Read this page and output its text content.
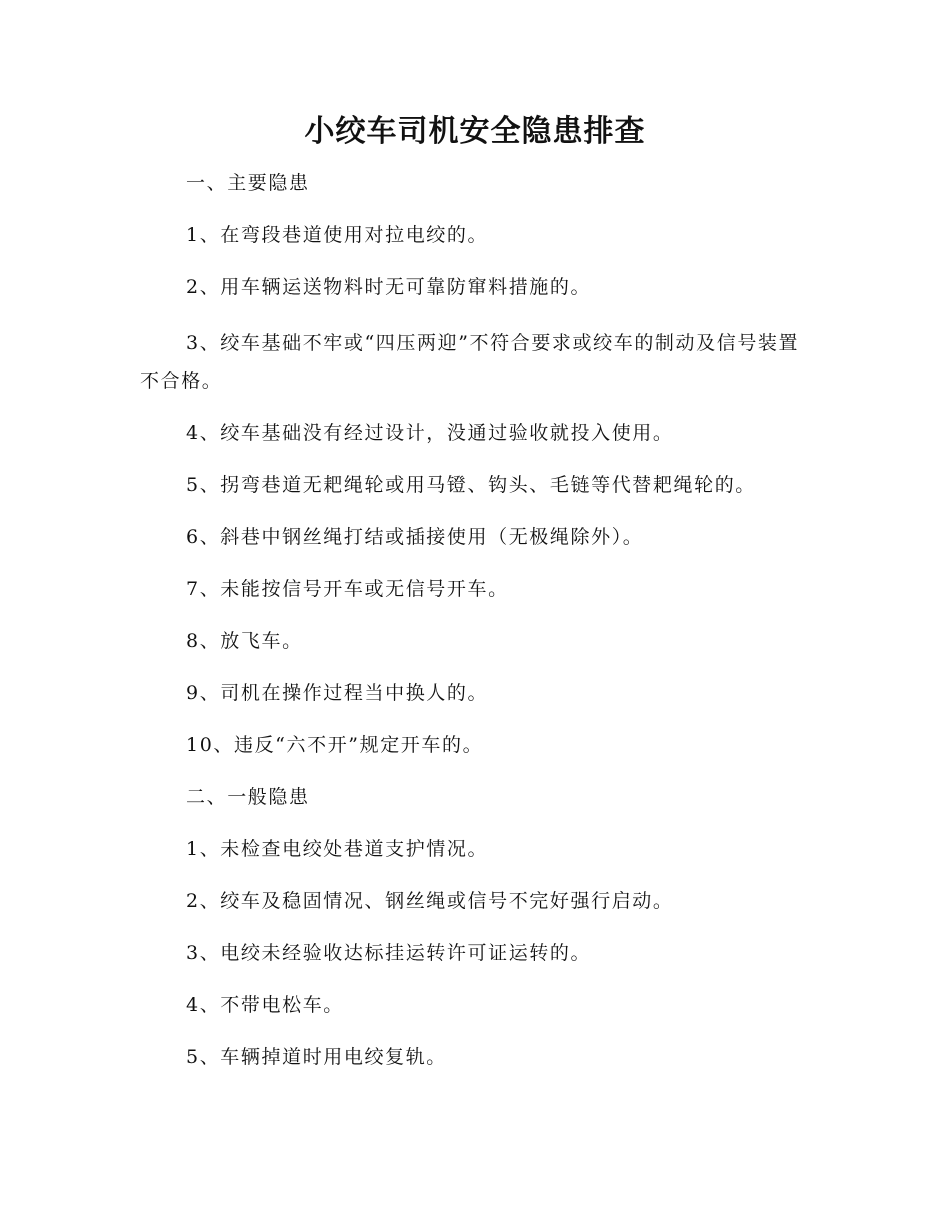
小绞车司机安全隐患排查

一、主要隐患

1、在弯段巷道使用对拉电绞的。

2、用车辆运送物料时无可靠防窜料措施的。

3、绞车基础不牢或“四压两迎”不符合要求或绞车的制动及信号装置不合格。

4、绞车基础没有经过设计，没通过验收就投入使用。

5、拐弯巷道无耙绳轮或用马镫、钩头、毛链等代替耙绳轮的。

6、斜巷中钢丝绳打结或插接使用（无极绳除外）。

7、未能按信号开车或无信号开车。

8、放飞车。

9、司机在操作过程当中换人的。

10、违反“六不开”规定开车的。

二、一般隐患

1、未检查电绞处巷道支护情况。

2、绞车及稳固情况、钢丝绳或信号不完好强行启动。

3、电绞未经验收达标挂运转许可证运转的。

4、不带电松车。

5、车辆掉道时用电绞复轨。
